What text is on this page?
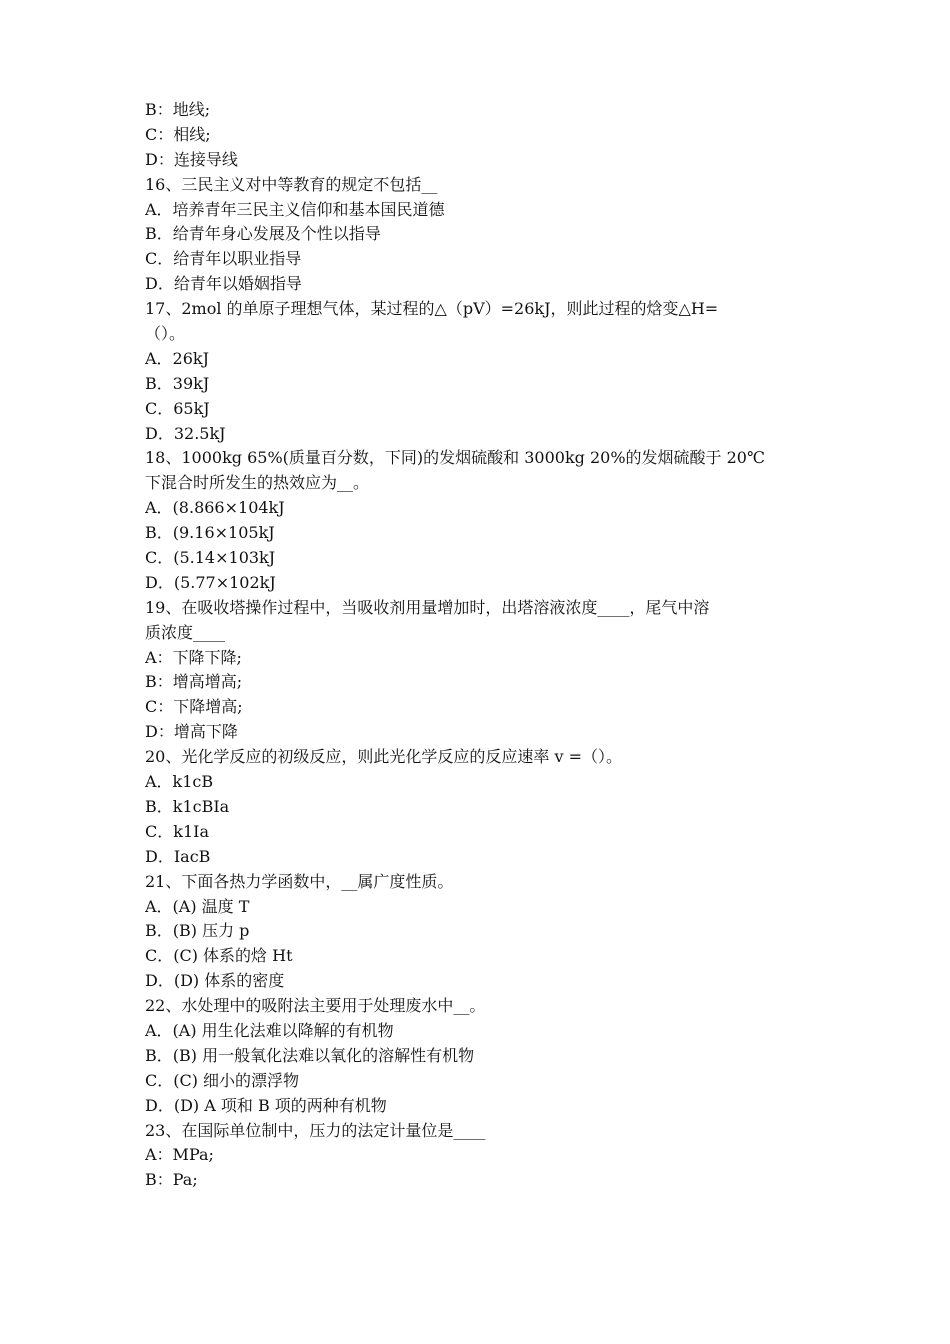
B：地线;
C：相线;
D：连接导线
16、三民主义对中等教育的规定不包括__
A．培养青年三民主义信仰和基本国民道德
B．给青年身心发展及个性以指导
C．给青年以职业指导
D．给青年以婚姻指导
17、2mol 的单原子理想气体，某过程的△（pV）=26kJ，则此过程的焓变△H=
（）。
A．26kJ
B．39kJ
C．65kJ
D．32.5kJ
18、1000kg 65%(质量百分数，下同)的发烟硫酸和 3000kg 20%的发烟硫酸于 20℃
下混合时所发生的热效应为__。
A．(8.866×104kJ
B．(9.16×105kJ
C．(5.14×103kJ
D．(5.77×102kJ
19、在吸收塔操作过程中，当吸收剂用量增加时，出塔溶液浓度____，尾气中溶
质浓度____
A：下降下降;
B：增高增高;
C：下降增高;
D：增高下降
20、光化学反应的初级反应，则此光化学反应的反应速率 v =（）。
A．k1cB
B．k1cBIa
C．k1Ia
D．IacB
21、下面各热力学函数中，__属广度性质。
A．(A) 温度 T
B．(B) 压力 p
C．(C) 体系的焓 Ht
D．(D) 体系的密度
22、水处理中的吸附法主要用于处理废水中__。
A．(A) 用生化法难以降解的有机物
B．(B) 用一般氧化法难以氧化的溶解性有机物
C．(C) 细小的漂浮物
D．(D) A 项和 B 项的两种有机物
23、在国际单位制中，压力的法定计量位是____
A：MPa;
B：Pa;
